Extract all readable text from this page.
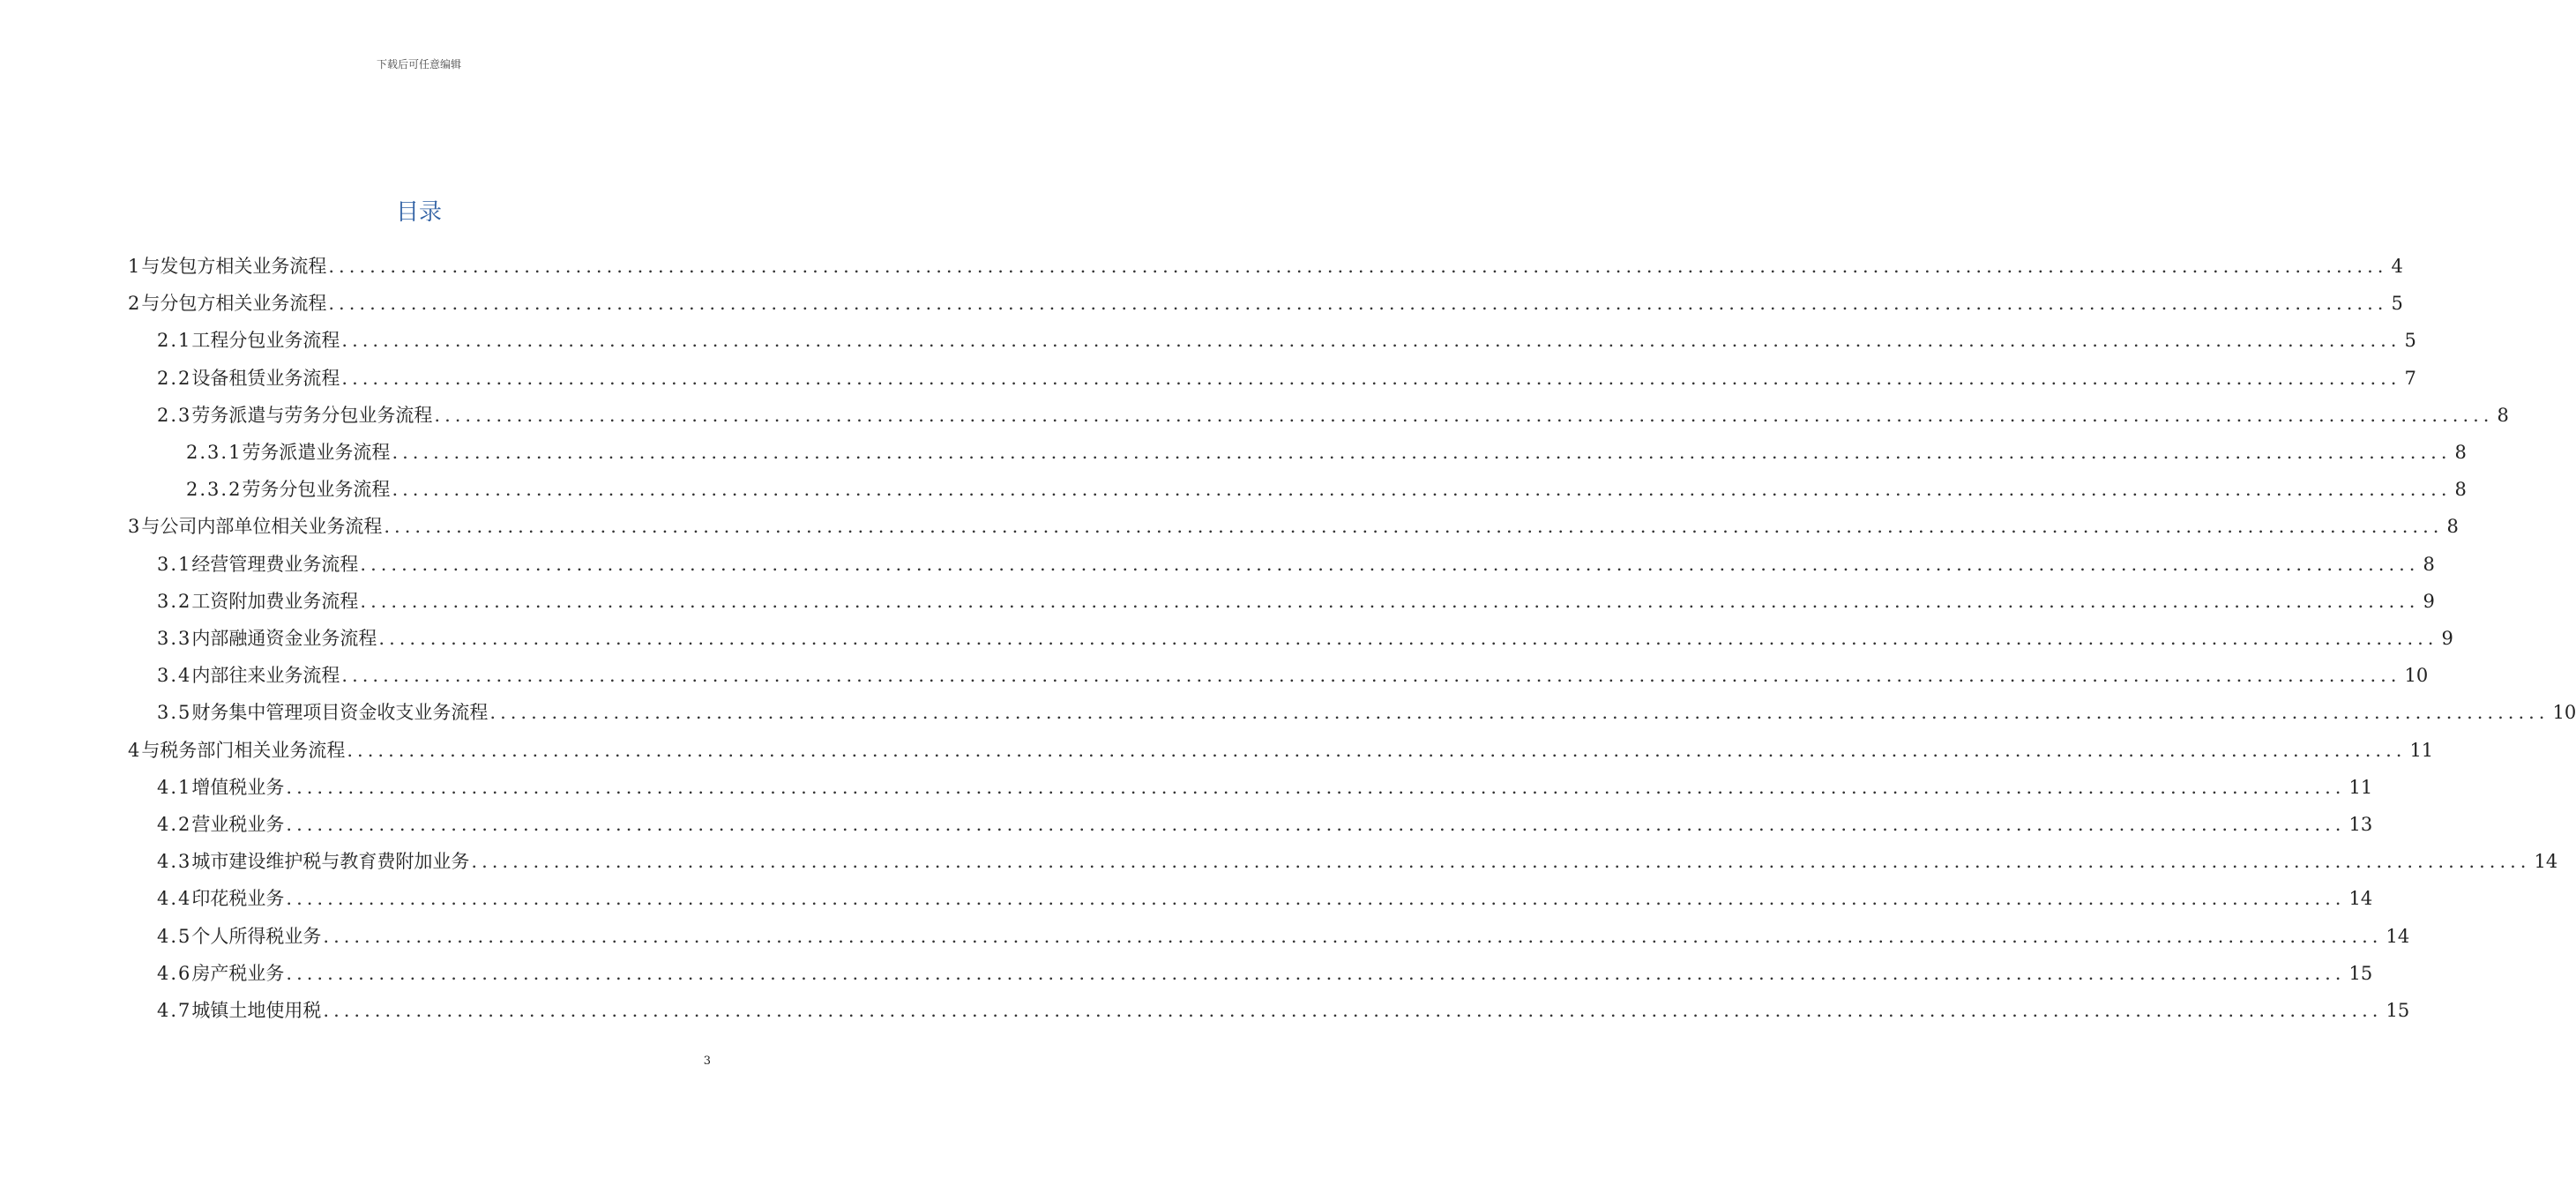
下载后可任意编辑
目录
1 与发包方相关业务流程 ........................................................................................................................................................................................................ 4
2 与分包方相关业务流程 ........................................................................................................................................................................................................ 5
2.1 工程分包业务流程 ........................................................................................................................................................................................................ 5
2.2 设备租赁业务流程 ........................................................................................................................................................................................................ 7
2.3 劳务派遣与劳务分包业务流程 ........................................................................................................................................................................................................ 8
2.3.1 劳务派遣业务流程 ........................................................................................................................................................................................................ 8
2.3.2 劳务分包业务流程 ........................................................................................................................................................................................................ 8
3 与公司内部单位相关业务流程 ........................................................................................................................................................................................................ 8
3.1 经营管理费业务流程 ........................................................................................................................................................................................................ 8
3.2 工资附加费业务流程 ........................................................................................................................................................................................................ 9
3.3 内部融通资金业务流程 ........................................................................................................................................................................................................ 9
3.4 内部往来业务流程 ........................................................................................................................................................................................................ 10
3.5 财务集中管理项目资金收支业务流程 ........................................................................................................................................................................................................ 10
4 与税务部门相关业务流程 ........................................................................................................................................................................................................ 11
4.1 增值税业务 ........................................................................................................................................................................................................ 11
4.2 营业税业务 ........................................................................................................................................................................................................ 13
4.3 城市建设维护税与教育费附加业务 ........................................................................................................................................................................................................ 14
4.4 印花税业务 ........................................................................................................................................................................................................ 14
4.5 个人所得税业务 ........................................................................................................................................................................................................ 14
4.6 房产税业务 ........................................................................................................................................................................................................ 15
4.7 城镇土地使用税 ........................................................................................................................................................................................................ 15
3
